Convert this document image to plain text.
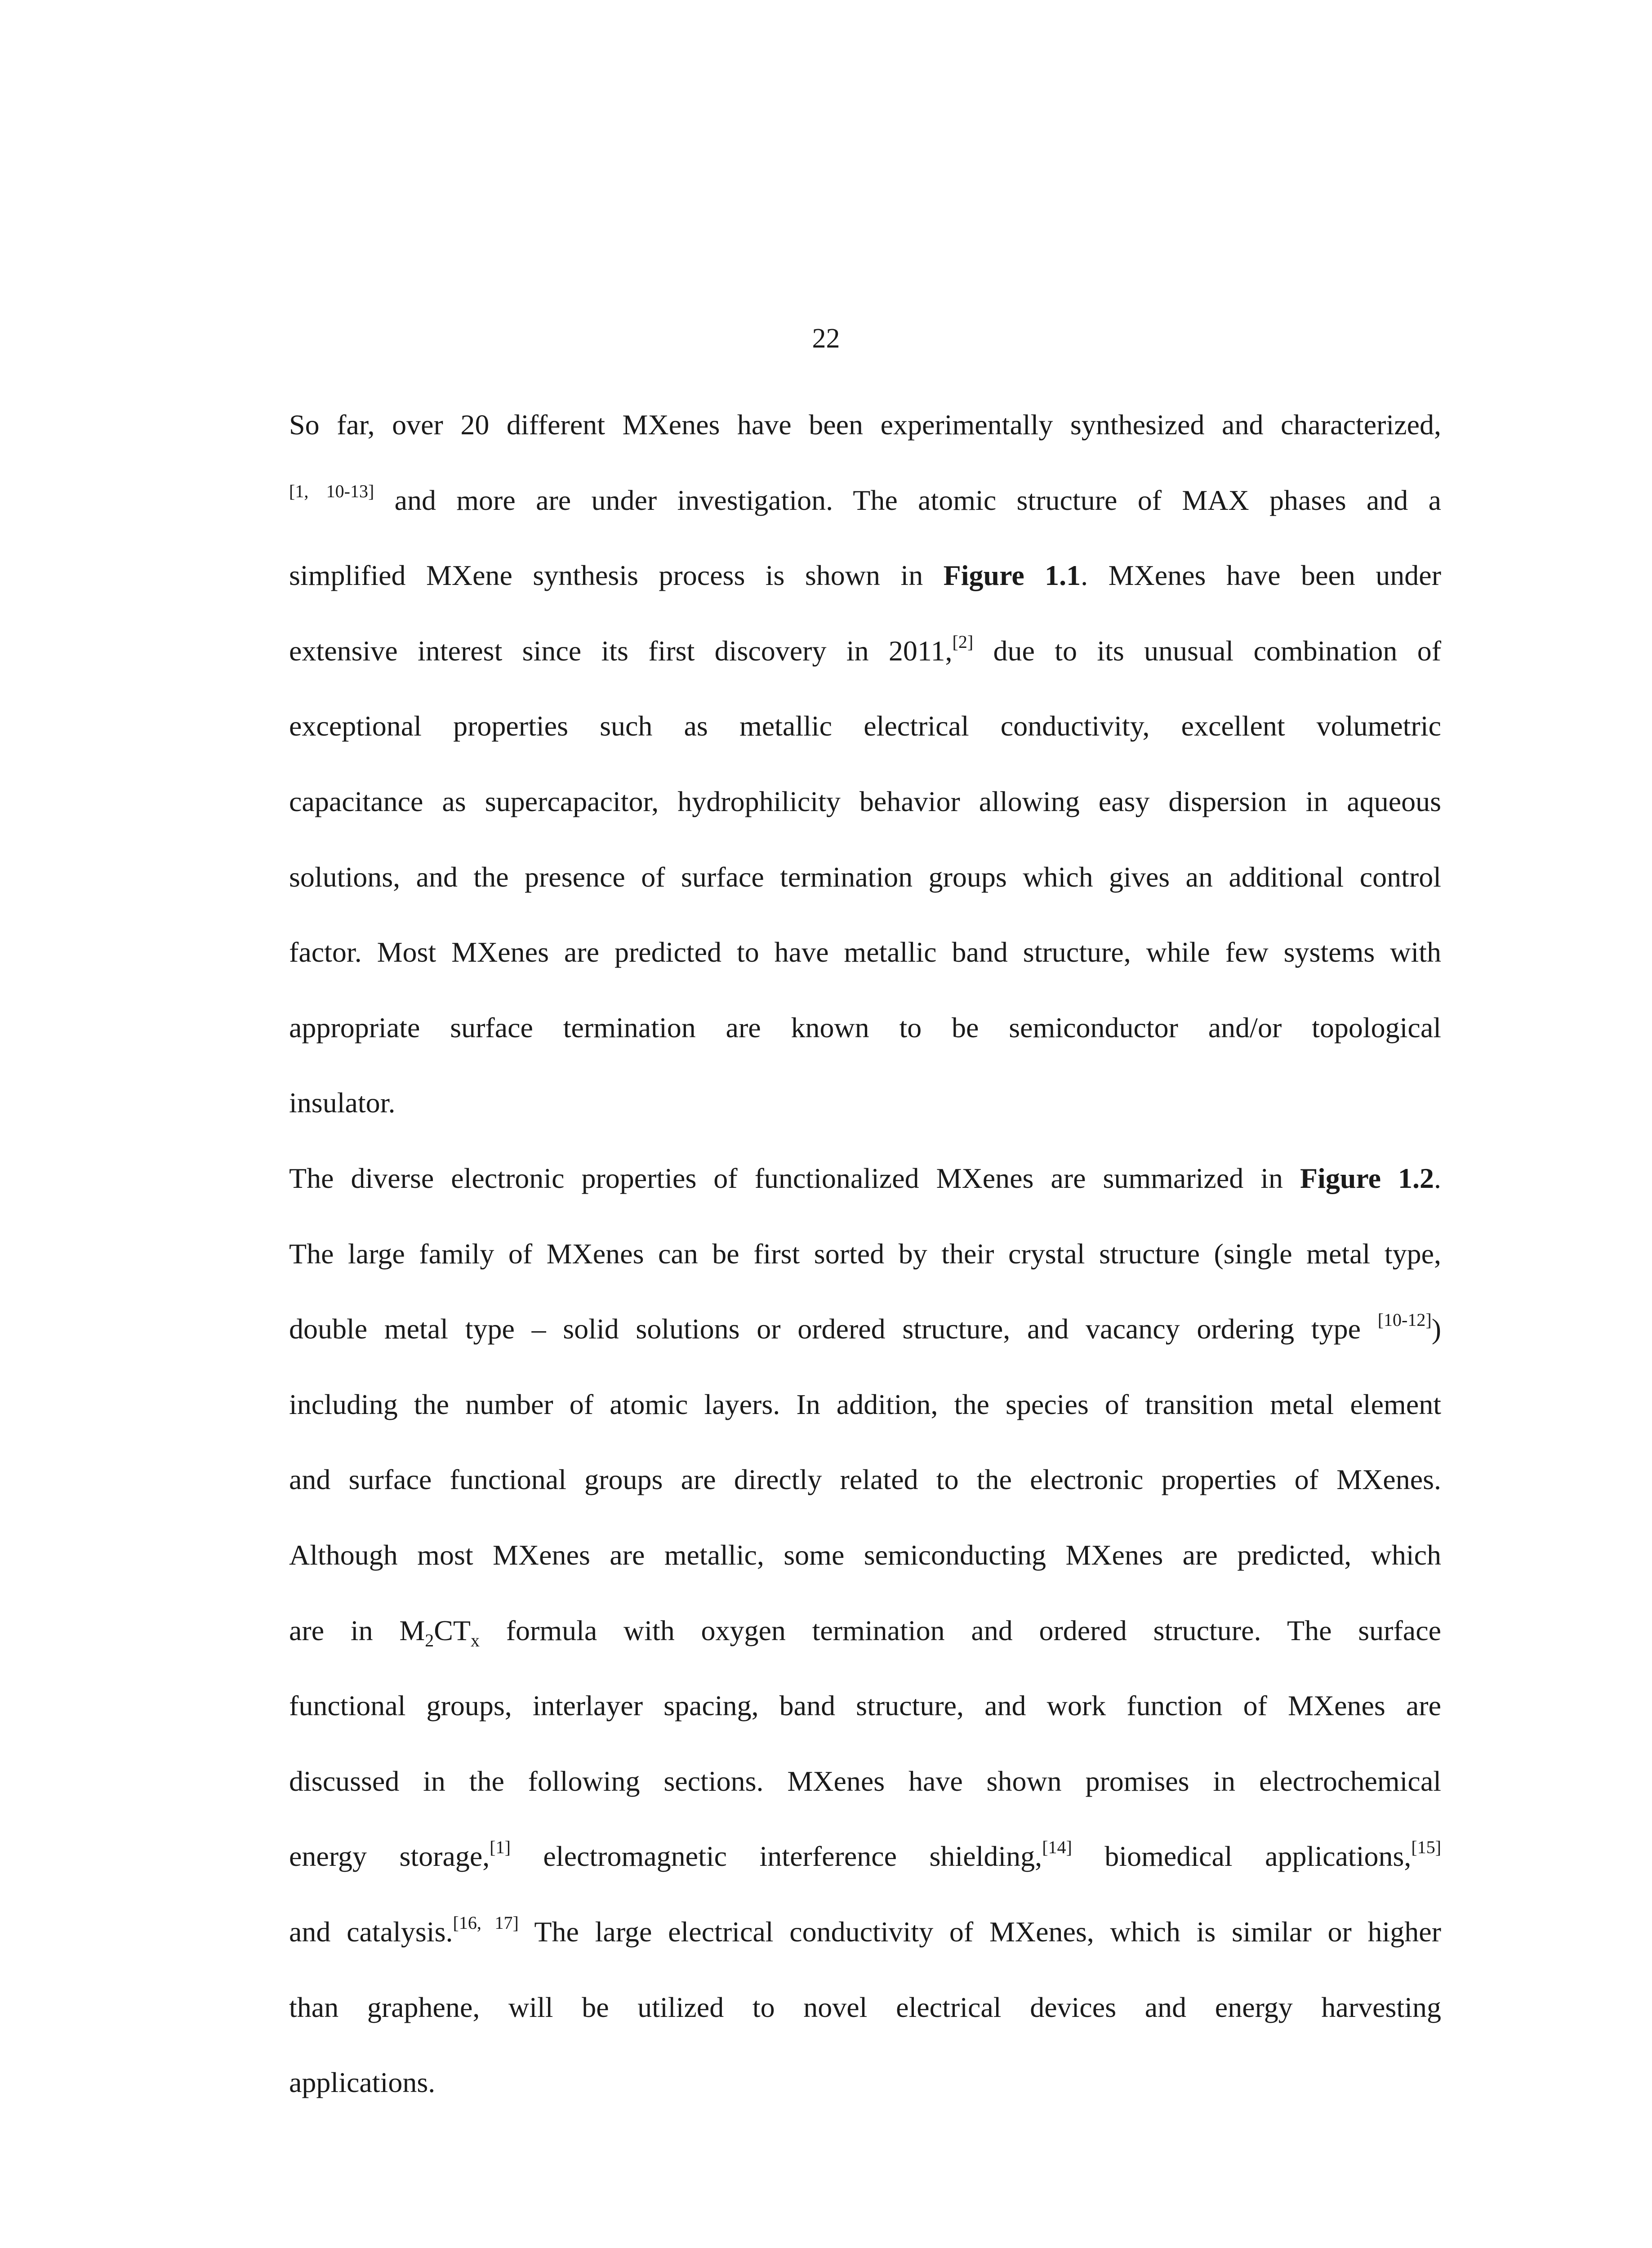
22
So far, over 20 different MXenes have been experimentally synthesized and characterized,
[1, 10-13] and more are under investigation. The atomic structure of MAX phases and a
simplified MXene synthesis process is shown in Figure 1.1. MXenes have been under
extensive interest since its first discovery in 2011,[2] due to its unusual combination of
exceptional properties such as metallic electrical conductivity, excellent volumetric
capacitance as supercapacitor, hydrophilicity behavior allowing easy dispersion in aqueous
solutions, and the presence of surface termination groups which gives an additional control
factor. Most MXenes are predicted to have metallic band structure, while few systems with
appropriate surface termination are known to be semiconductor and/or topological
insulator.
The diverse electronic properties of functionalized MXenes are summarized in Figure 1.2.
The large family of MXenes can be first sorted by their crystal structure (single metal type,
double metal type – solid solutions or ordered structure, and vacancy ordering type [10-12])
including the number of atomic layers. In addition, the species of transition metal element
and surface functional groups are directly related to the electronic properties of MXenes.
Although most MXenes are metallic, some semiconducting MXenes are predicted, which
are in $M_2CT_x$ formula with oxygen termination and ordered structure. The surface
functional groups, interlayer spacing, band structure, and work function of MXenes are
discussed in the following sections. MXenes have shown promises in electrochemical
energy storage,[1] electromagnetic interference shielding,[14] biomedical applications,[15]
and catalysis.[16, 17] The large electrical conductivity of MXenes, which is similar or higher
than graphene, will be utilized to novel electrical devices and energy harvesting
applications.
